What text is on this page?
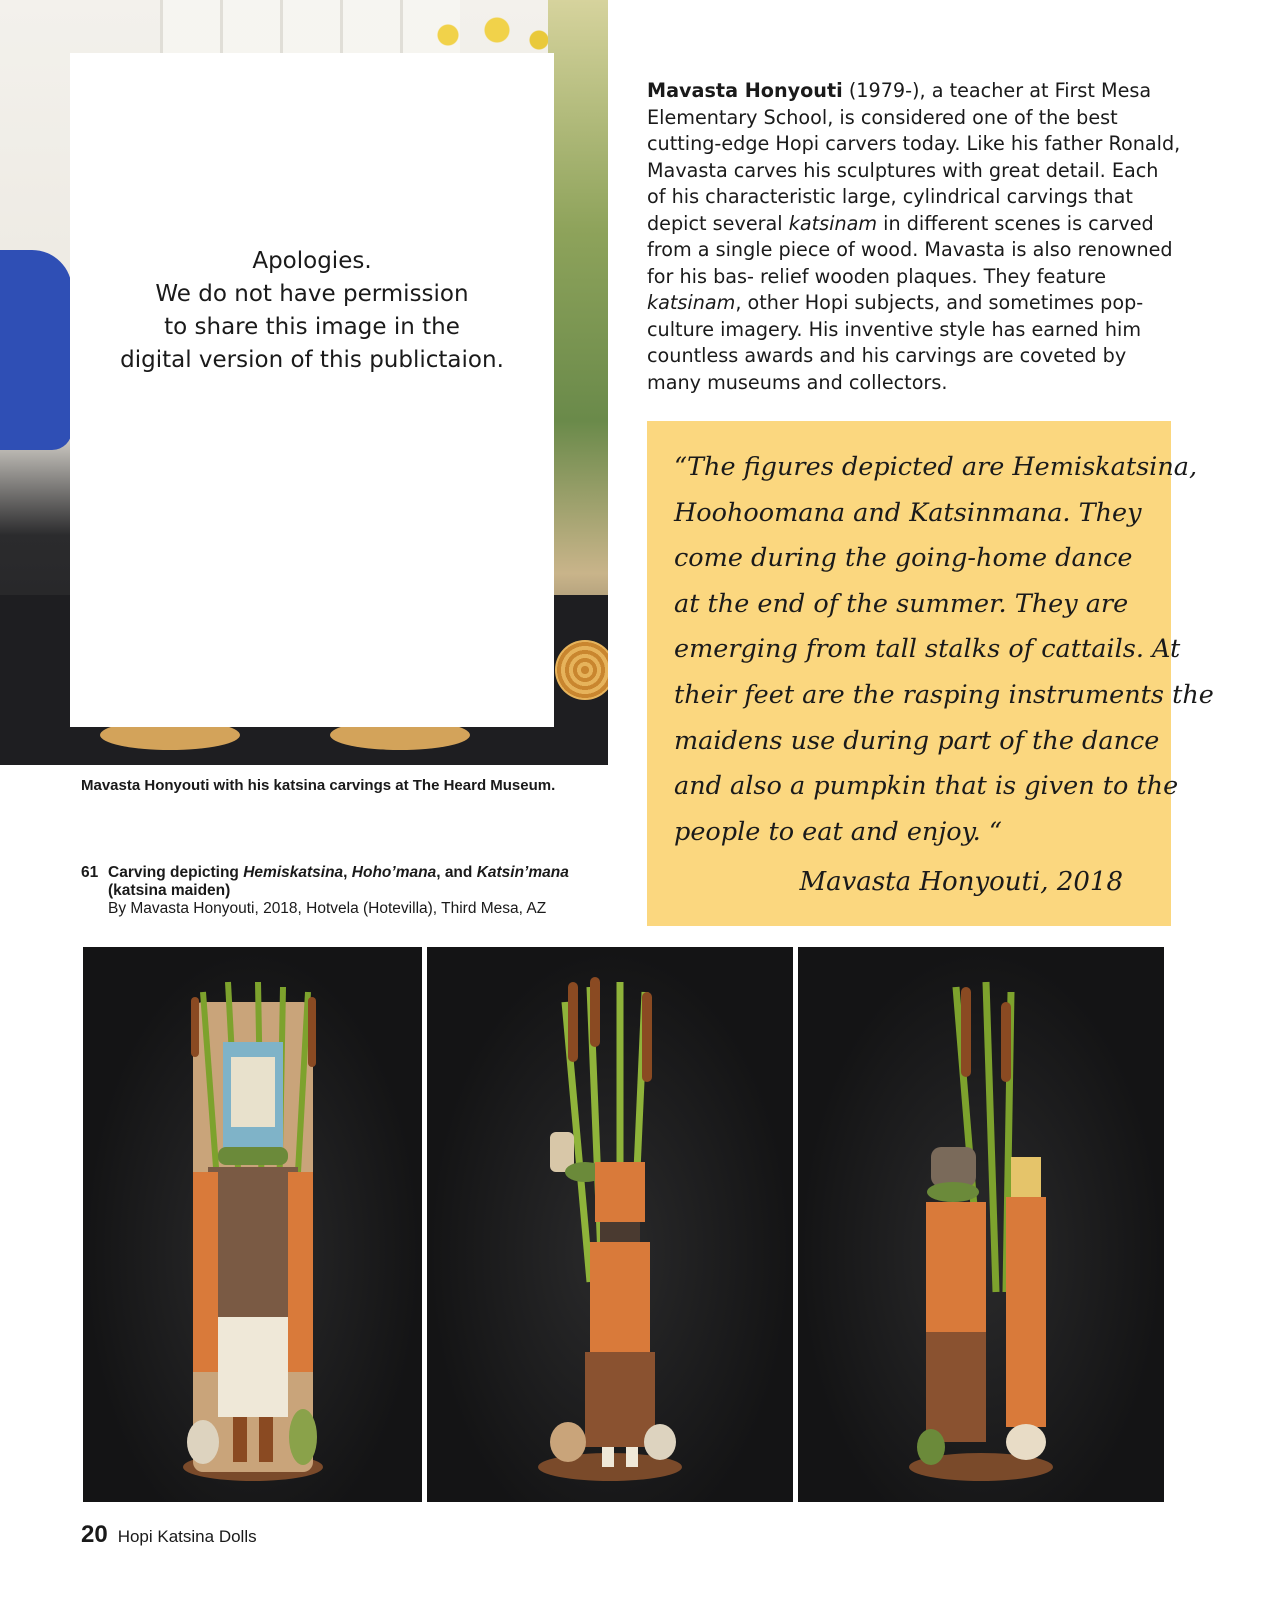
Apologies.
We do not have permission
to share this image in the
digital version of this publictaion.
Mavasta Honyouti with his katsina carvings at The Heard Museum.
Mavasta Honyouti (1979-), a teacher at First Mesa Elementary School, is considered one of the best cutting-edge Hopi carvers today. Like his father Ronald, Mavasta carves his sculptures with great detail. Each of his characteristic large, cylindrical carvings that depict several katsinam in different scenes is carved from a single piece of wood. Mavasta is also renowned for his bas- relief wooden plaques. They feature katsinam, other Hopi subjects, and sometimes pop-culture imagery. His inventive style has earned him countless awards and his carvings are coveted by many museums and collectors.
“The figures depicted are Hemiskatsina,
Hoohoomana and Katsinmana. They
come during the going-home dance
at the end of the summer. They are
emerging from tall stalks of cattails. At
their feet are the rasping instruments the
maidens use during part of the dance
and also a pumpkin that is given to the
people to eat and enjoy. “
Mavasta Honyouti, 2018
61 Carving depicting Hemiskatsina, Hoho’mana, and Katsin’mana
(katsina maiden)
By Mavasta Honyouti, 2018, Hotvela (Hotevilla), Third Mesa, AZ
20 Hopi Katsina Dolls
